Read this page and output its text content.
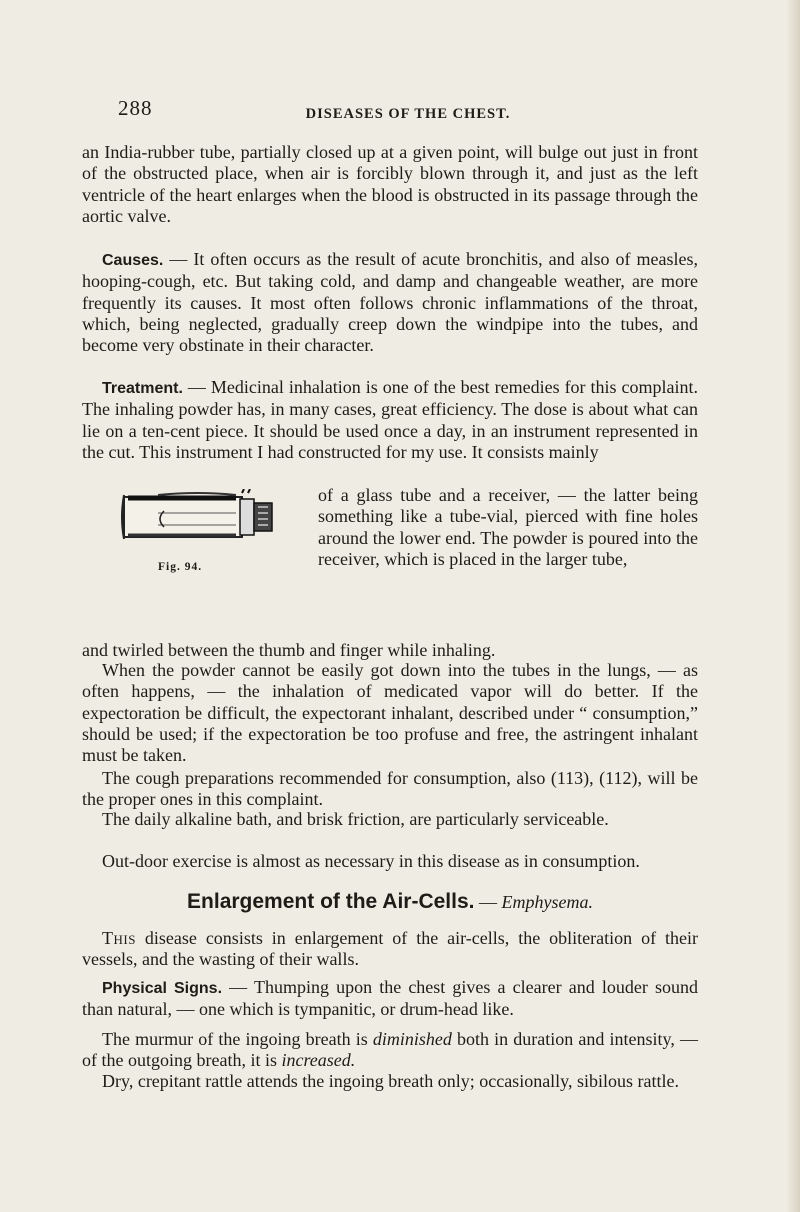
288	DISEASES OF THE CHEST.

an India-rubber tube, partially closed up at a given point, will bulge out just in front of the obstructed place, when air is forcibly blown through it, and just as the left ventricle of the heart enlarges when the blood is obstructed in its passage through the aortic valve.

Causes. — It often occurs as the result of acute bronchitis, and also of measles, hooping-cough, etc. But taking cold, and damp and changeable weather, are more frequently its causes. It most often follows chronic inflammations of the throat, which, being neglected, gradually creep down the windpipe into the tubes, and become very obstinate in their character.
Treatment. — Medicinal inhalation is one of the best remedies for this complaint. The inhaling powder has, in many cases, great efficiency. The dose is about what can lie on a ten-cent piece. It should be used once a day, in an instrument represented in the cut. This instrument I had constructed for my use. It consists mainly
Fig. 94.
of a glass tube and a receiver, — the latter being something like a tube-vial, pierced with fine holes around the lower end. The powder is poured into the receiver, which is placed in the larger tube,

and twirled between the thumb and finger while inhaling.

When the powder cannot be easily got down into the tubes in the lungs, — as often happens, — the inhalation of medicated vapor will do better. If the expectoration be difficult, the expectorant inhalant, described under “ consumption,” should be used; if the expectoration be too profuse and free, the astringent inhalant must be taken.

The cough preparations recommended for consumption, also (113), (112), will be the proper ones in this complaint.

The daily alkaline bath, and brisk friction, are particularly serviceable.

Out-door exercise is almost as necessary in this disease as in consumption.

Enlargement of the Air-Cells. — Emphysema.
This disease consists in enlargement of the air-cells, the obliteration of their vessels, and the wasting of their walls.
Physical Signs. — Thumping upon the chest gives a clearer and louder sound than natural, — one which is tympanitic, or drum-head like.
The murmur of the ingoing breath is diminished both in duration and intensity, — of the outgoing breath, it is increased.

Dry, crepitant rattle attends the ingoing breath only; occasionally, sibilous rattle.
